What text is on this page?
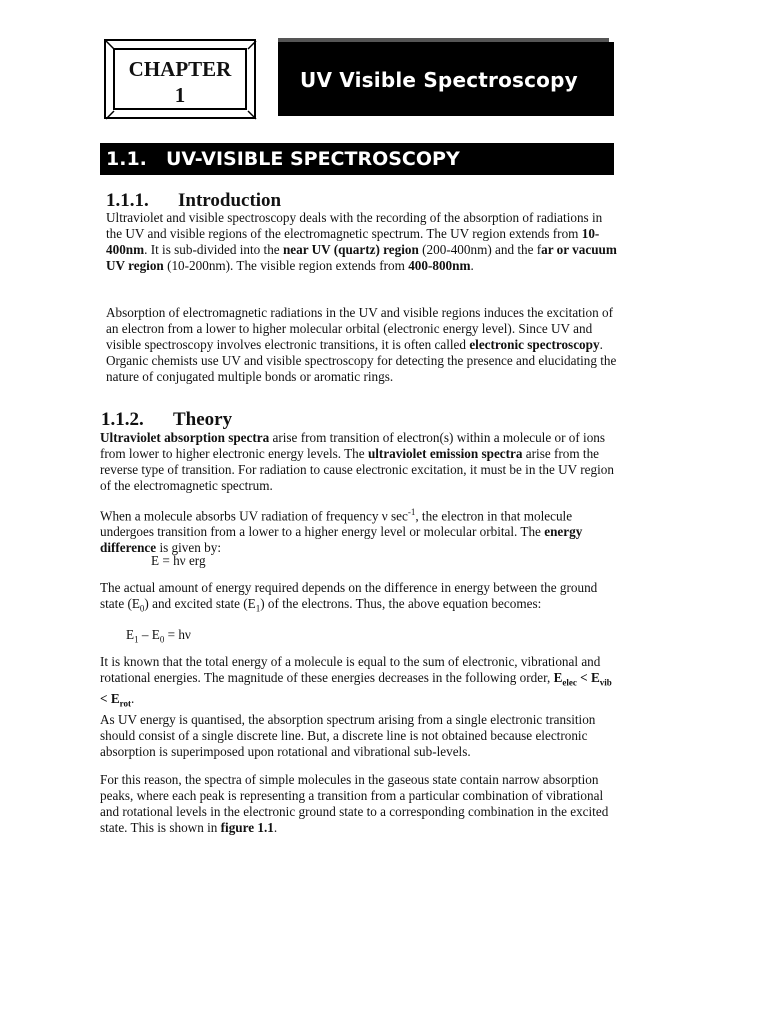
CHAPTER
1
UV Visible Spectroscopy
1.1. UV-VISIBLE SPECTROSCOPY
1.1.1. Introduction
Ultraviolet and visible spectroscopy deals with the recording of the absorption of radiations in the UV and visible regions of the electromagnetic spectrum. The UV region extends from 10-400nm. It is sub-divided into the near UV (quartz) region (200-400nm) and the far or vacuum UV region (10-200nm). The visible region extends from 400-800nm.
Absorption of electromagnetic radiations in the UV and visible regions induces the excitation of an electron from a lower to higher molecular orbital (electronic energy level). Since UV and visible spectroscopy involves electronic transitions, it is often called electronic spectroscopy. Organic chemists use UV and visible spectroscopy for detecting the presence and elucidating the nature of conjugated multiple bonds or aromatic rings.
1.1.2. Theory
Ultraviolet absorption spectra arise from transition of electron(s) within a molecule or of ions from lower to higher electronic energy levels. The ultraviolet emission spectra arise from the reverse type of transition. For radiation to cause electronic excitation, it must be in the UV region of the electromagnetic spectrum.
When a molecule absorbs UV radiation of frequency ν $\sec^{-1}$, the electron in that molecule undergoes transition from a lower to a higher energy level or molecular orbital. The energy difference is given by:
E = hν erg
The actual amount of energy required depends on the difference in energy between the ground state $(E_0)$ and excited state $(E_1)$ of the electrons. Thus, the above equation becomes:
$E_1 - E_0 = h\nu$
It is known that the total energy of a molecule is equal to the sum of electronic, vibrational and rotational energies. The magnitude of these energies decreases in the following order, $E_{elec} < E_{vib} < E_{rot}$.
As UV energy is quantised, the absorption spectrum arising from a single electronic transition should consist of a single discrete line. But, a discrete line is not obtained because electronic absorption is superimposed upon rotational and vibrational sub-levels.
For this reason, the spectra of simple molecules in the gaseous state contain narrow absorption peaks, where each peak is representing a transition from a particular combination of vibrational and rotational levels in the electronic ground state to a corresponding combination in the excited state. This is shown in figure 1.1.
